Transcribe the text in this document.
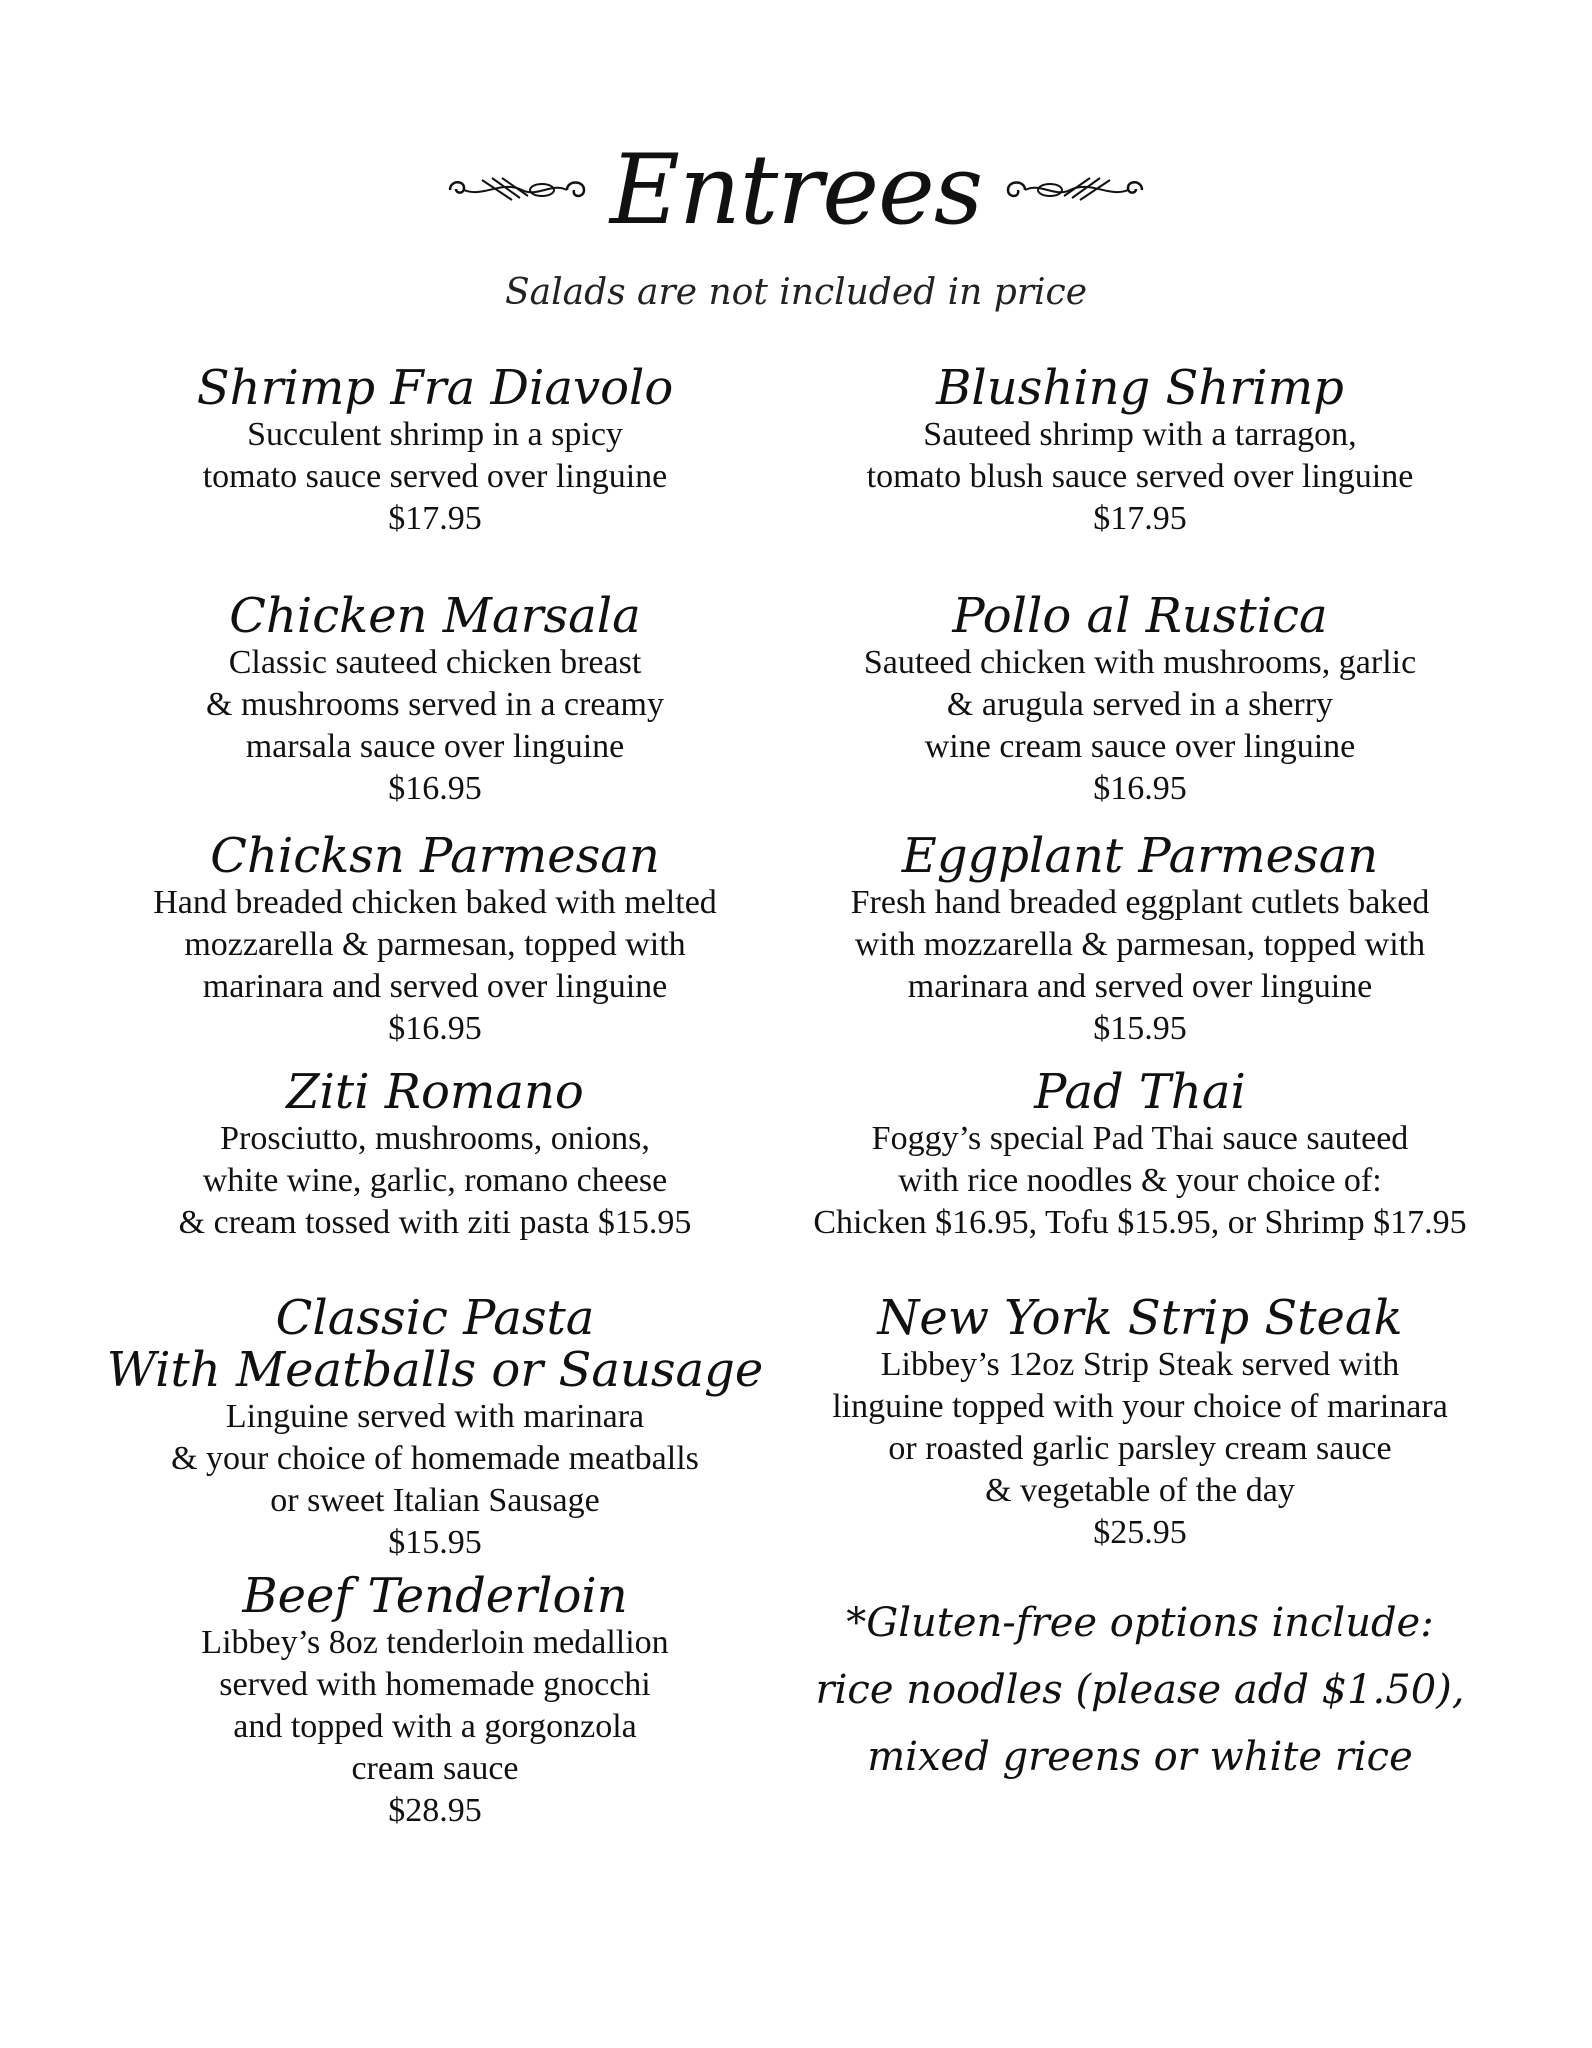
Entrees
Salads are not included in price
Shrimp Fra Diavolo
Succulent shrimp in a spicy
tomato sauce served over linguine
$17.95
Chicken Marsala
Classic sauteed chicken breast
& mushrooms served in a creamy
marsala sauce over linguine
$16.95
Chicksn Parmesan
Hand breaded chicken baked with melted
mozzarella & parmesan, topped with
marinara and served over linguine
$16.95
Ziti Romano
Prosciutto, mushrooms, onions,
white wine, garlic, romano cheese
& cream tossed with ziti pasta $15.95
Classic Pasta
With Meatballs or Sausage
Linguine served with marinara
& your choice of homemade meatballs
or sweet Italian Sausage
$15.95
Beef Tenderloin
Libbey’s 8oz tenderloin medallion
served with homemade gnocchi
and topped with a gorgonzola
cream sauce
$28.95
Blushing Shrimp
Sauteed shrimp with a tarragon,
tomato blush sauce served over linguine
$17.95
Pollo al Rustica
Sauteed chicken with mushrooms, garlic
& arugula served in a sherry
wine cream sauce over linguine
$16.95
Eggplant Parmesan
Fresh hand breaded eggplant cutlets baked
with mozzarella & parmesan, topped with
marinara and served over linguine
$15.95
Pad Thai
Foggy’s special Pad Thai sauce sauteed
with rice noodles & your choice of:
Chicken $16.95, Tofu $15.95, or Shrimp $17.95
New York Strip Steak
Libbey’s 12oz Strip Steak served with
linguine topped with your choice of marinara
or roasted garlic parsley cream sauce
& vegetable of the day
$25.95
*Gluten-free options include:
rice noodles (please add $1.50),
mixed greens or white rice
